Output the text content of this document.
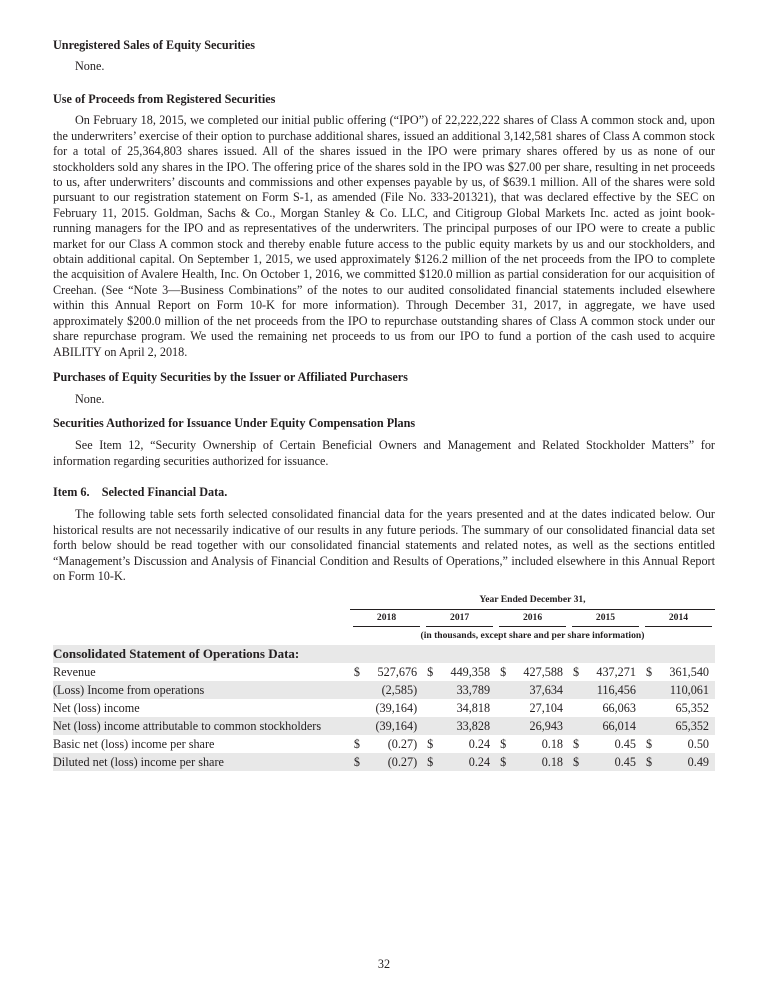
Unregistered Sales of Equity Securities

None.

Use of Proceeds from Registered Securities

On February 18, 2015, we completed our initial public offering (“IPO”) of 22,222,222 shares of Class A common stock and, upon the underwriters’ exercise of their option to purchase additional shares, issued an additional 3,142,581 shares of Class A common stock for a total of 25,364,803 shares issued. All of the shares issued in the IPO were primary shares offered by us as none of our stockholders sold any shares in the IPO. The offering price of the shares sold in the IPO was $27.00 per share, resulting in net proceeds to us, after underwriters’ discounts and commissions and other expenses payable by us, of $639.1 million. All of the shares were sold pursuant to our registration statement on Form S-1, as amended (File No. 333-201321), that was declared effective by the SEC on February 11, 2015. Goldman, Sachs & Co., Morgan Stanley & Co. LLC, and Citigroup Global Markets Inc. acted as joint book-running managers for the IPO and as representatives of the underwriters. The principal purposes of our IPO were to create a public market for our Class A common stock and thereby enable future access to the public equity markets by us and our stockholders, and obtain additional capital. On September 1, 2015, we used approximately $126.2 million of the net proceeds from the IPO to complete the acquisition of Avalere Health, Inc. On October 1, 2016, we committed $120.0 million as partial consideration for our acquisition of Creehan. (See “Note 3—Business Combinations” of the notes to our audited consolidated financial statements included elsewhere within this Annual Report on Form 10-K for more information). Through December 31, 2017, in aggregate, we have used approximately $200.0 million of the net proceeds from the IPO to repurchase outstanding shares of Class A common stock under our share repurchase program. We used the remaining net proceeds to us from our IPO to fund a portion of the cash used to acquire ABILITY on April 2, 2018.

Purchases of Equity Securities by the Issuer or Affiliated Purchasers

None.

Securities Authorized for Issuance Under Equity Compensation Plans

See Item 12, “Security Ownership of Certain Beneficial Owners and Management and Related Stockholder Matters” for information regarding securities authorized for issuance.

Item 6.    Selected Financial Data.

The following table sets forth selected consolidated financial data for the years presented and at the dates indicated below. Our historical results are not necessarily indicative of our results in any future periods. The summary of our consolidated financial data set forth below should be read together with our consolidated financial statements and related notes, as well as the sections entitled “Management’s Discussion and Analysis of Financial Condition and Results of Operations,” included elsewhere in this Annual Report on Form 10-K.

	Year Ended December 31,									

	2018		2017		2016		2015		2014	

	(in thousands, except share and per share information)									
Consolidated Statement of Operations Data:										
Revenue	$	527,676	$	449,358	$	427,588	$	437,271	$	361,540
(Loss) Income from operations		(2,585)		33,789		37,634		116,456		110,061
Net (loss) income		(39,164)		34,818		27,104		66,063		65,352
Net (loss) income attributable to common stockholders		(39,164)		33,828		26,943		66,014		65,352
Basic net (loss) income per share	$	(0.27)	$	0.24	$	0.18	$	0.45	$	0.50
Diluted net (loss) income per share	$	(0.27)	$	0.24	$	0.18	$	0.45	$	0.49
32
